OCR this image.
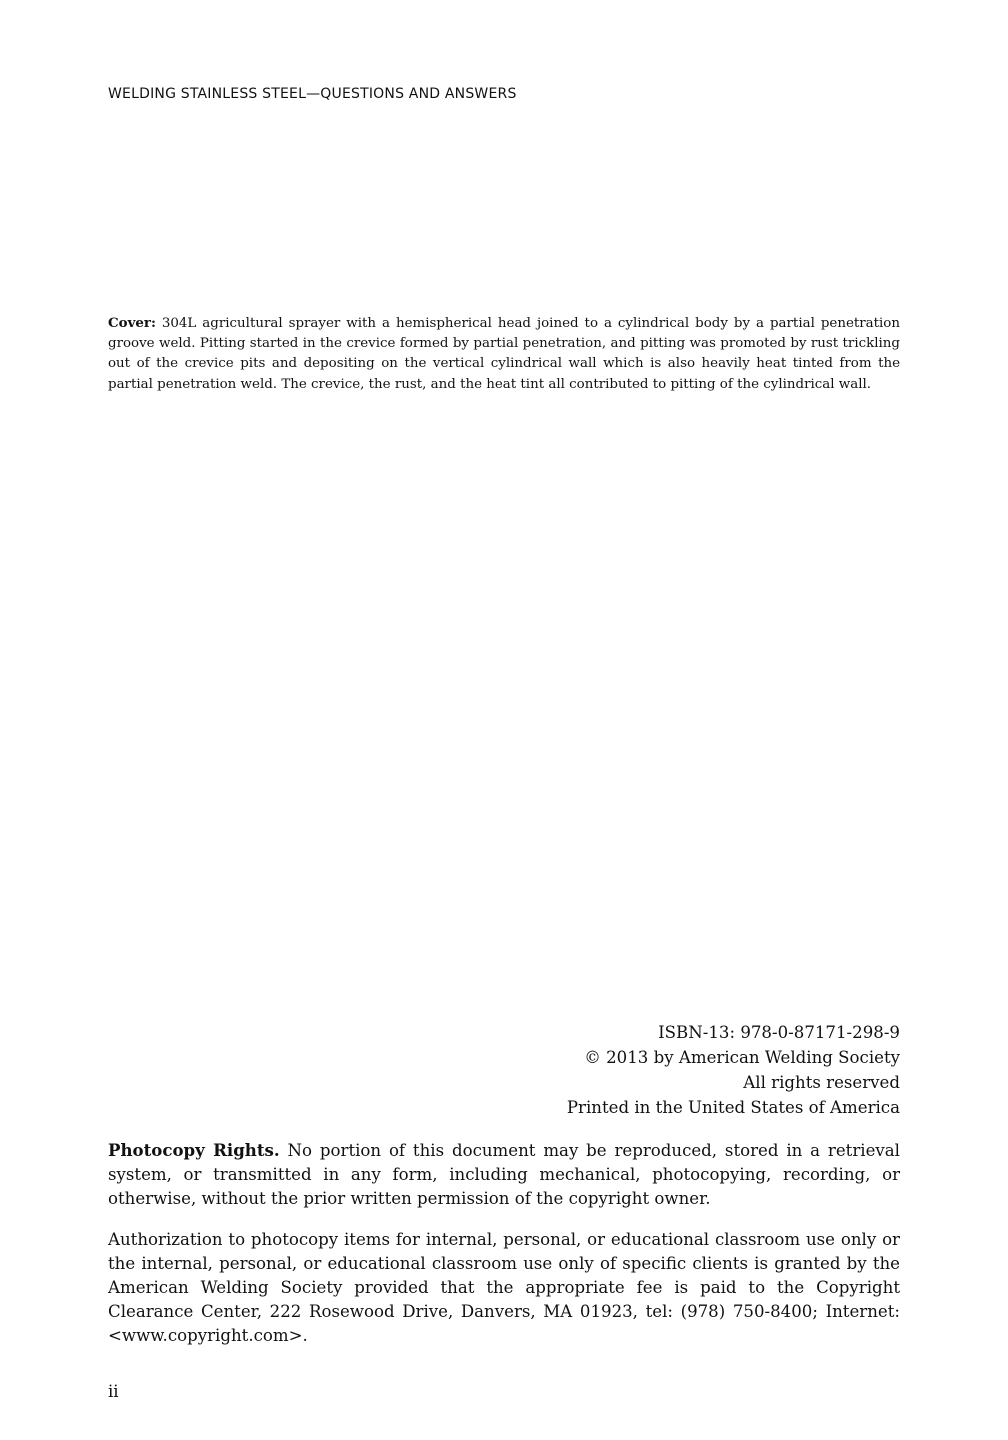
WELDING STAINLESS STEEL—QUESTIONS AND ANSWERS

Cover: 304L agricultural sprayer with a hemispherical head joined to a cylindrical body by a partial penetration groove weld. Pitting started in the crevice formed by partial penetration, and pitting was promoted by rust trickling out of the crevice pits and depositing on the vertical cylindrical wall which is also heavily heat tinted from the partial penetration weld. The crevice, the rust, and the heat tint all contributed to pitting of the cylindrical wall.

ISBN-13: 978-0-87171-298-9
© 2013 by American Welding Society
All rights reserved
Printed in the United States of America

Photocopy Rights. No portion of this document may be reproduced, stored in a retrieval system, or transmitted in any form, including mechanical, photocopying, recording, or otherwise, without the prior written permission of the copyright owner.

Authorization to photocopy items for internal, personal, or educational classroom use only or the internal, personal, or educational classroom use only of specific clients is granted by the American Welding Society provided that the appropriate fee is paid to the Copyright Clearance Center, 222 Rosewood Drive, Danvers, MA 01923, tel: (978) 750-8400; Internet: <www.copyright.com>.

ii
